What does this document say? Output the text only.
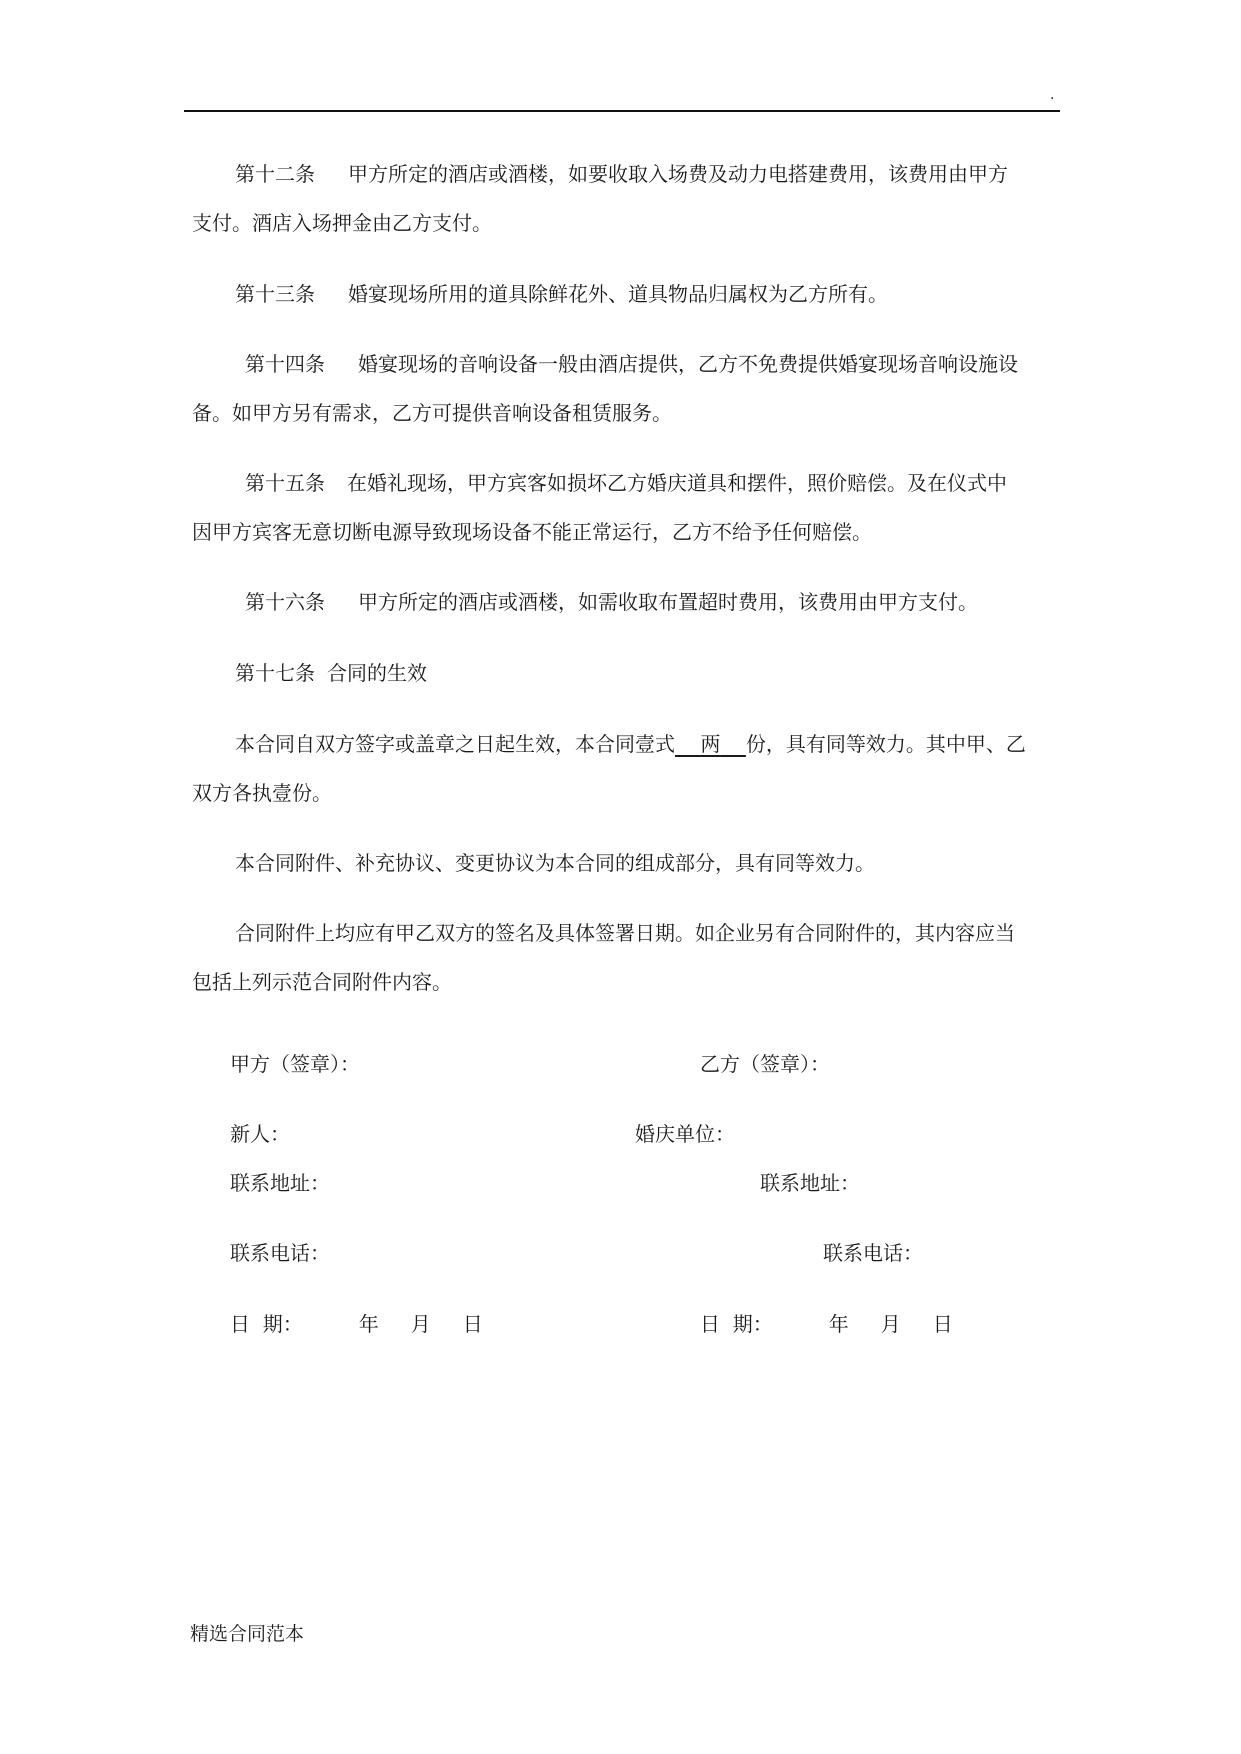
.

第十二条 甲方所定的酒店或酒楼，如要收取入场费及动力电搭建费用，该费用由甲方

支付。酒店入场押金由乙方支付。

第十三条 婚宴现场所用的道具除鲜花外、道具物品归属权为乙方所有。

第十四条 婚宴现场的音响设备一般由酒店提供，乙方不免费提供婚宴现场音响设施设

备。如甲方另有需求，乙方可提供音响设备租赁服务。

第十五条 在婚礼现场，甲方宾客如损坏乙方婚庆道具和摆件，照价赔偿。及在仪式中

因甲方宾客无意切断电源导致现场设备不能正常运行，乙方不给予任何赔偿。

第十六条 甲方所定的酒店或酒楼，如需收取布置超时费用，该费用由甲方支付。

第十七条 合同的生效

本合同自双方签字或盖章之日起生效，本合同壹式 两 份，具有同等效力。其中甲、乙

双方各执壹份。

本合同附件、补充协议、变更协议为本合同的组成部分，具有同等效力。

合同附件上均应有甲乙双方的签名及具体签署日期。如企业另有合同附件的，其内容应当

包括上列示范合同附件内容。

甲方（签章）：	乙方（签章）：

新人：	婚庆单位：

联系地址：	联系地址：

联系电话：	联系电话：

日  期：	年 月 日	日  期：	年 月 日

精选合同范本
